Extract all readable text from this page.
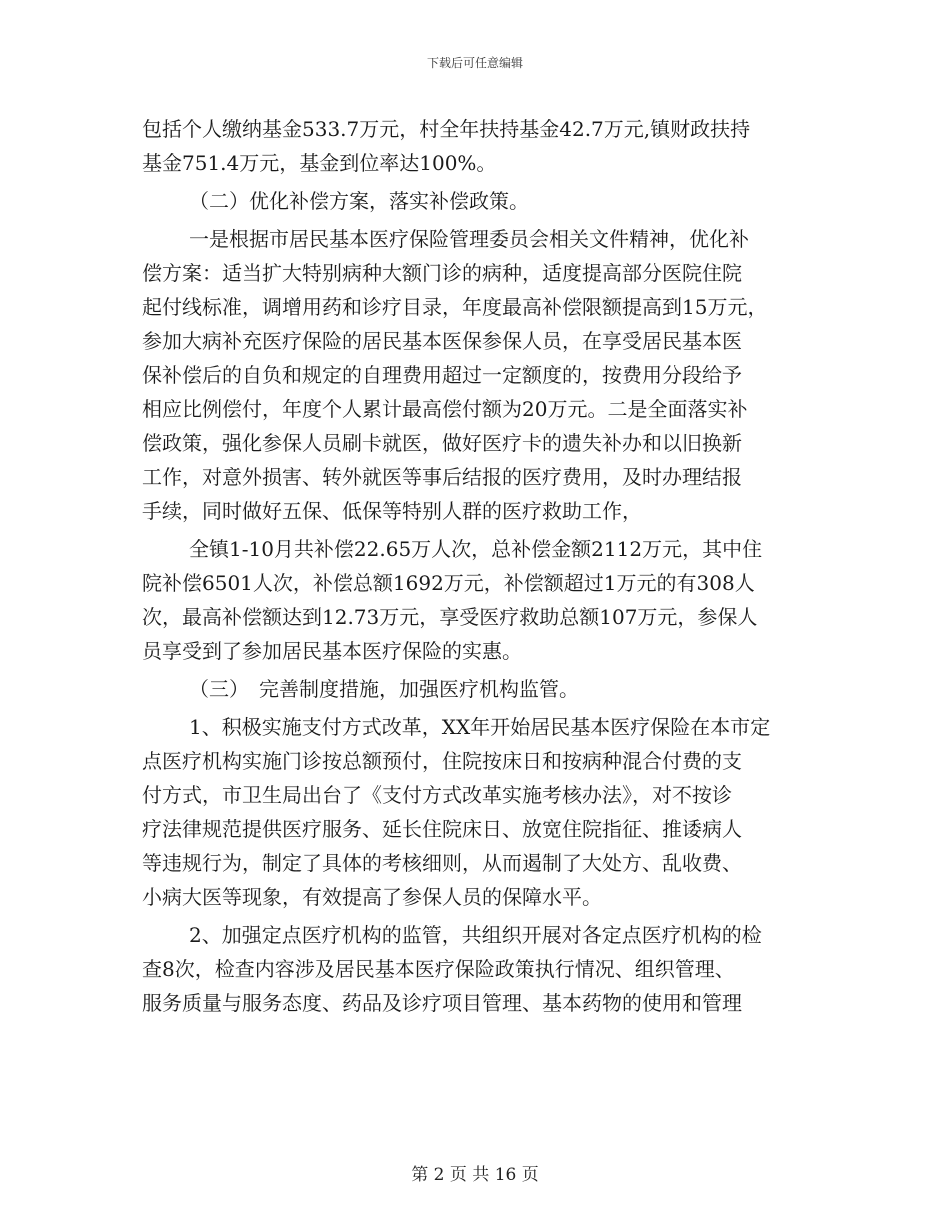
下载后可任意编辑

包括个人缴纳基金533.7万元，村全年扶持基金42.7万元,镇财政扶持

基金751.4万元，基金到位率达100%。

（二）优化补偿方案，落实补偿政策。

一是根据市居民基本医疗保险管理委员会相关文件精神，优化补

偿方案：适当扩大特别病种大额门诊的病种，适度提高部分医院住院

起付线标准，调增用药和诊疗目录，年度最高补偿限额提高到15万元，

参加大病补充医疗保险的居民基本医保参保人员，在享受居民基本医

保补偿后的自负和规定的自理费用超过一定额度的，按费用分段给予

相应比例偿付，年度个人累计最高偿付额为20万元。二是全面落实补

偿政策，强化参保人员刷卡就医，做好医疗卡的遗失补办和以旧换新

工作，对意外损害、转外就医等事后结报的医疗费用，及时办理结报

手续，同时做好五保、低保等特别人群的医疗救助工作，

全镇1-10月共补偿22.65万人次，总补偿金额2112万元，其中住

院补偿6501人次，补偿总额1692万元，补偿额超过1万元的有308人

次，最高补偿额达到12.73万元，享受医疗救助总额107万元，参保人

员享受到了参加居民基本医疗保险的实惠。

（三）　完善制度措施，加强医疗机构监管。

1、积极实施支付方式改革，XX年开始居民基本医疗保险在本市定

点医疗机构实施门诊按总额预付，住院按床日和按病种混合付费的支

付方式，市卫生局出台了《支付方式改革实施考核办法》，对不按诊

疗法律规范提供医疗服务、延长住院床日、放宽住院指征、推诿病人

等违规行为，制定了具体的考核细则，从而遏制了大处方、乱收费、

小病大医等现象，有效提高了参保人员的保障水平。

2、加强定点医疗机构的监管，共组织开展对各定点医疗机构的检

查8次，检查内容涉及居民基本医疗保险政策执行情况、组织管理、

服务质量与服务态度、药品及诊疗项目管理、基本药物的使用和管理

第 2 页 共 16 页
